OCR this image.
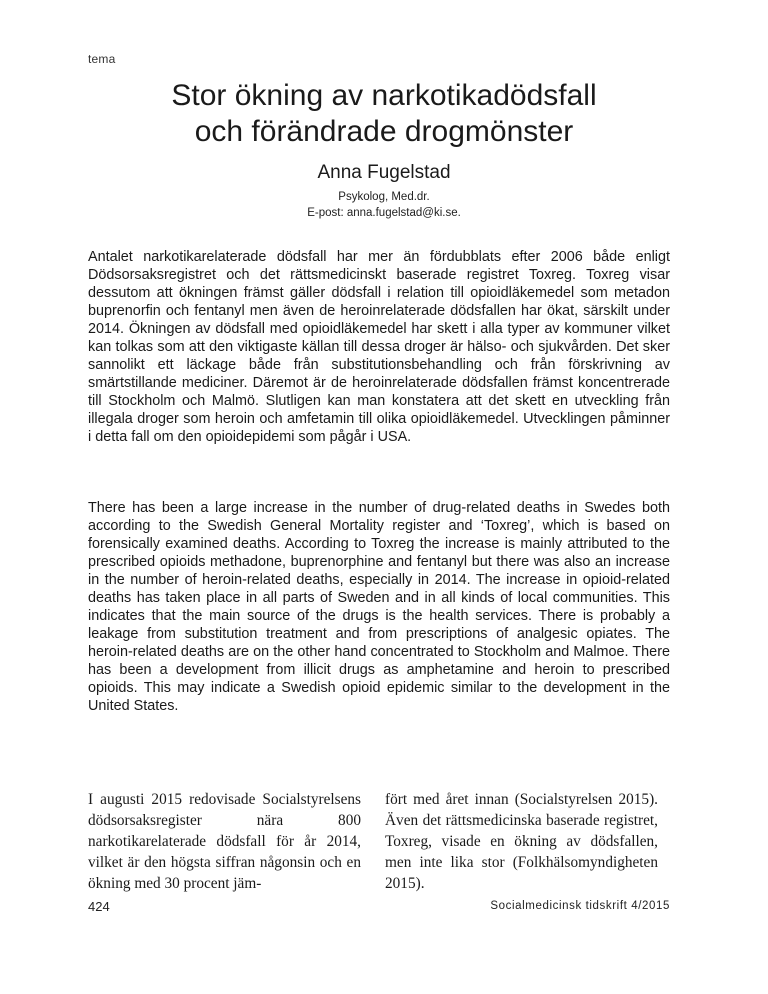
tema
Stor ökning av narkotikadödsfall
och förändrade drogmönster
Anna Fugelstad
Psykolog, Med.dr.
E-post: anna.fugelstad@ki.se.

Antalet narkotikarelaterade dödsfall har mer än fördubblats efter 2006 både enligt Dödsorsaksregistret och det rättsmedicinskt baserade registret Toxreg. Toxreg visar dessutom att ökningen främst gäller dödsfall i relation till opioidläkemedel som metadon buprenorfin och fentanyl men även de heroinrelaterade dödsfallen har ökat, särskilt under 2014. Ökningen av dödsfall med opioidläkemedel har skett i alla typer av kommuner vilket kan tolkas som att den viktigaste källan till dessa droger är hälso- och sjukvården. Det sker sannolikt ett läckage både från substitutionsbehandling och från förskrivning av smärtstillande mediciner. Däremot är de heroinrelaterade dödsfallen främst koncentrerade till Stockholm och Malmö. Slutligen kan man konstatera att det skett en utveckling från illegala droger som heroin och amfetamin till olika opioidläkemedel. Utvecklingen påminner i detta fall om den opioidepidemi som pågår i USA.

There has been a large increase in the number of drug-related deaths in Swedes both according to the Swedish General Mortality register and ‘Toxreg’, which is based on forensically examined deaths. According to Toxreg the increase is mainly attributed to the prescribed opioids methadone, buprenorphine and fentanyl but there was also an increase in the number of heroin-related deaths, especially in 2014. The increase in opioid-related deaths has taken place in all parts of Sweden and in all kinds of local communities. This indicates that the main source of the drugs is the health services. There is probably a leakage from substitution treatment and from prescriptions of analgesic opiates. The heroin-related deaths are on the other hand concentrated to Stockholm and Malmoe. There has been a development from illicit drugs as amphetamine and heroin to prescribed opioids. This may indicate a Swedish opioid epidemic similar to the development in the United States.

I augusti 2015 redovisade Socialstyrelsens dödsorsaksregister nära 800 narkotikarelaterade dödsfall för år 2014, vilket är den högsta siffran någonsin och en ökning med 30 procent jäm-

fört med året innan (Socialstyrelsen 2015). Även det rättsmedicinska baserade registret, Toxreg, visade en ökning av dödsfallen, men inte lika stor (Folkhälsomyndigheten 2015).

424	Socialmedicinsk tidskrift 4/2015
